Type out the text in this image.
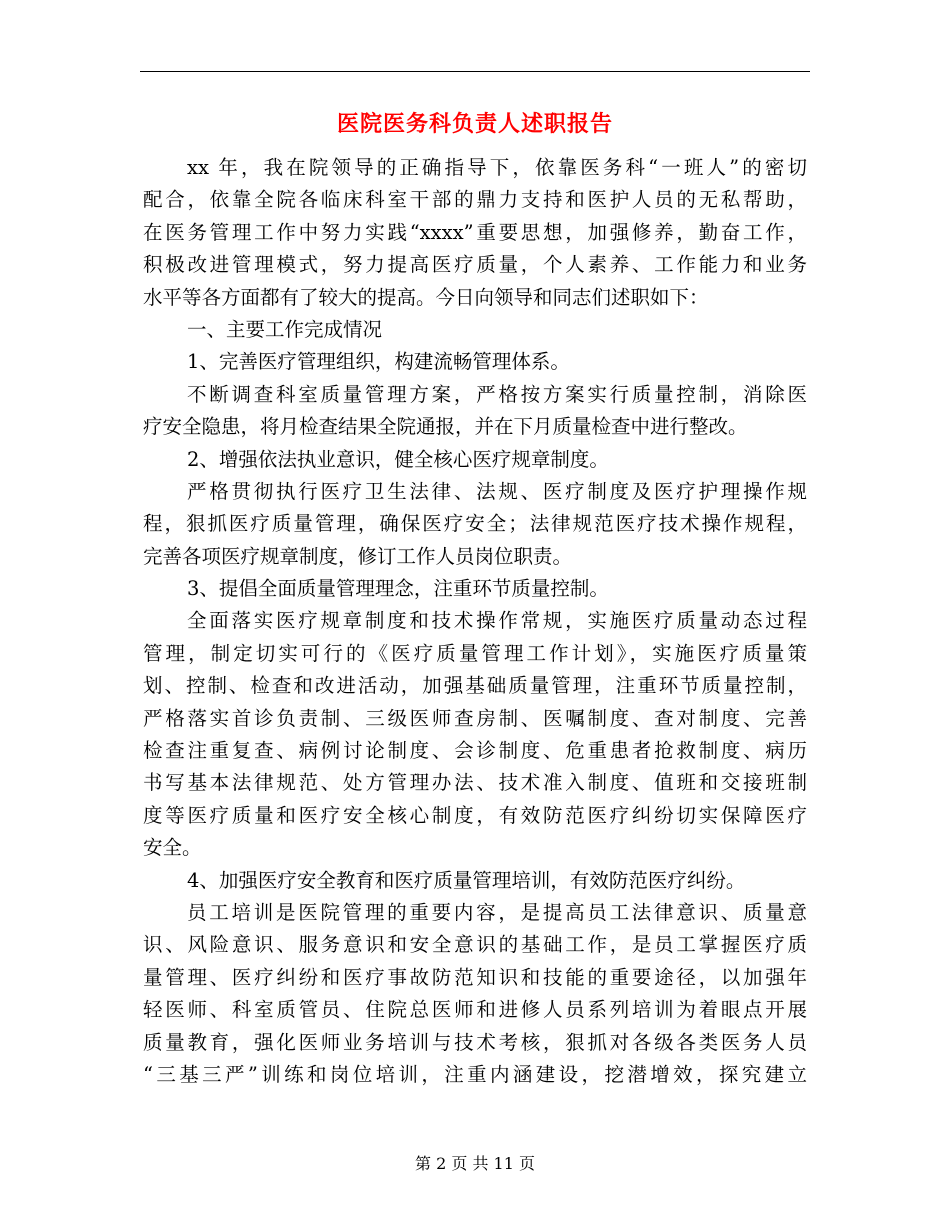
医院医务科负责人述职报告
xx 年，我在院领导的正确指导下，依靠医务科“一班人”的密切
配合，依靠全院各临床科室干部的鼎力支持和医护人员的无私帮助，
在医务管理工作中努力实践“xxxx”重要思想，加强修养，勤奋工作，
积极改进管理模式，努力提高医疗质量，个人素养、工作能力和业务
水平等各方面都有了较大的提高。今日向领导和同志们述职如下：
一、主要工作完成情况
1、完善医疗管理组织，构建流畅管理体系。
不断调查科室质量管理方案，严格按方案实行质量控制，消除医
疗安全隐患，将月检查结果全院通报，并在下月质量检查中进行整改。
2、增强依法执业意识，健全核心医疗规章制度。
严格贯彻执行医疗卫生法律、法规、医疗制度及医疗护理操作规
程，狠抓医疗质量管理，确保医疗安全；法律规范医疗技术操作规程，
完善各项医疗规章制度，修订工作人员岗位职责。
3、提倡全面质量管理理念，注重环节质量控制。
全面落实医疗规章制度和技术操作常规，实施医疗质量动态过程
管理，制定切实可行的《医疗质量管理工作计划》，实施医疗质量策
划、控制、检查和改进活动，加强基础质量管理，注重环节质量控制，
严格落实首诊负责制、三级医师查房制、医嘱制度、查对制度、完善
检查注重复查、病例讨论制度、会诊制度、危重患者抢救制度、病历
书写基本法律规范、处方管理办法、技术准入制度、值班和交接班制
度等医疗质量和医疗安全核心制度，有效防范医疗纠纷切实保障医疗
安全。
4、加强医疗安全教育和医疗质量管理培训，有效防范医疗纠纷。
员工培训是医院管理的重要内容，是提高员工法律意识、质量意
识、风险意识、服务意识和安全意识的基础工作，是员工掌握医疗质
量管理、医疗纠纷和医疗事故防范知识和技能的重要途径，以加强年
轻医师、科室质管员、住院总医师和进修人员系列培训为着眼点开展
质量教育，强化医师业务培训与技术考核，狠抓对各级各类医务人员
“三基三严”训练和岗位培训，注重内涵建设，挖潜增效，探究建立
第 2 页 共 11 页
